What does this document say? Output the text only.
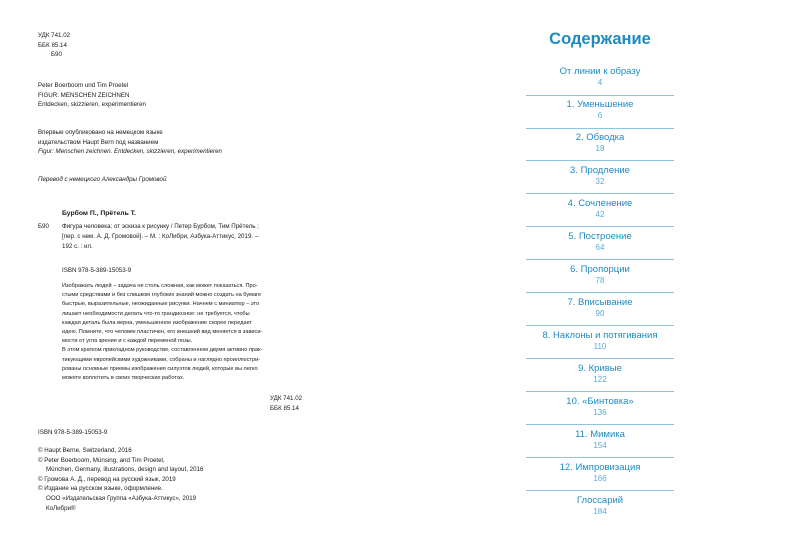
УДК 741.02
ББК 85.14
Б90
Peter Boerboom und Tim Proetel
FIGUR: MENSCHEN ZEICHNEN
Entdecken, skizzieren, experimentieren
Впервые опубликовано на немецком языке
издательством Haupt Bern под названием
Figur: Menschen zeichnen. Entdecken, skizzieren, experimentieren
Перевод с немецкого Александры Громовой
Бурбом П., Прётель Т.
Б90 Фигура человека: от эскиза к рисунку / Петер Бурбом, Тим Прётель ;
[пер. с нем. А. Д. Громовой]. – М. : КоЛибри, Азбука-Аттикус, 2019. –
192 с. : ил.
ISBN 978-5-389-15053-9
Изображать людей – задача не столь сложная, как может показаться. Про-
стыми средствами и без слишком глубоких знаний можно создать на бумаге
быстрые, выразительные, неожиданные рисунки. Начнем с миниатюр – это
лишает необходимости делать что-то грандиозное: не требуется, чтобы
каждая деталь была верна, уменьшенное изображение скорее передает
идею. Помните, что человек пластичен, его внешний вид меняется в зависи-
мости от угла зрения и с каждой переменой позы.
В этом кратком прикладном руководстве, составленном двумя активно прак-
тикующими европейскими художниками, собраны и наглядно проиллюстри-
рованы основные приемы изображения силуэтов людей, которые вы легко
можете воплотить в своих творческих работах.
УДК 741.02
ББК 85.14
ISBN 978-5-389-15053-9
© Haupt Berne, Switzerland, 2016
© Peter Boerboom, Münsing, and Tim Proetel,
München, Germany, illustrations, design and layout, 2016
© Громова А. Д., перевод на русский язык, 2019
© Издание на русском языке, оформление.
ООО «Издательская Группа «Азбука-Аттикус», 2019
КоЛибри®
Содержание
От линии к образу
4
1. Уменьшение
6
2. Обводка
18
3. Продление
32
4. Сочленение
42
5. Построение
64
6. Пропорции
78
7. Вписывание
90
8. Наклоны и потягивания
110
9. Кривые
122
10. «Бинтовка»
136
11. Мимика
154
12. Импровизация
166
Глоссарий
184
